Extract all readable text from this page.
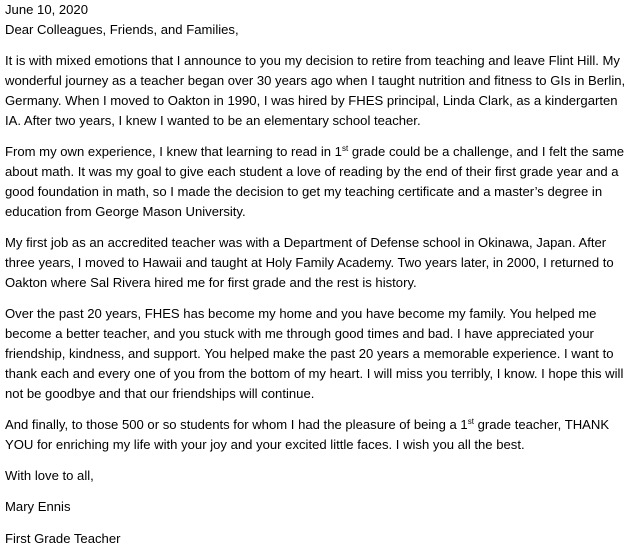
June 10, 2020

Dear Colleagues, Friends, and Families,

It is with mixed emotions that I announce to you my decision to retire from teaching and leave Flint Hill. My wonderful journey as a teacher began over 30 years ago when I taught nutrition and fitness to GIs in Berlin, Germany. When I moved to Oakton in 1990, I was hired by FHES principal, Linda Clark, as a kindergarten IA. After two years, I knew I wanted to be an elementary school teacher.

From my own experience, I knew that learning to read in 1st grade could be a challenge, and I felt the same about math. It was my goal to give each student a love of reading by the end of their first grade year and a good foundation in math, so I made the decision to get my teaching certificate and a master’s degree in education from George Mason University.

My first job as an accredited teacher was with a Department of Defense school in Okinawa, Japan. After three years, I moved to Hawaii and taught at Holy Family Academy. Two years later, in 2000, I returned to Oakton where Sal Rivera hired me for first grade and the rest is history.

Over the past 20 years, FHES has become my home and you have become my family. You helped me become a better teacher, and you stuck with me through good times and bad. I have appreciated your friendship, kindness, and support. You helped make the past 20 years a memorable experience. I want to thank each and every one of you from the bottom of my heart. I will miss you terribly, I know. I hope this will not be goodbye and that our friendships will continue.

And finally, to those 500 or so students for whom I had the pleasure of being a 1st grade teacher, THANK YOU for enriching my life with your joy and your excited little faces. I wish you all the best.

With love to all,

Mary Ennis

First Grade Teacher
